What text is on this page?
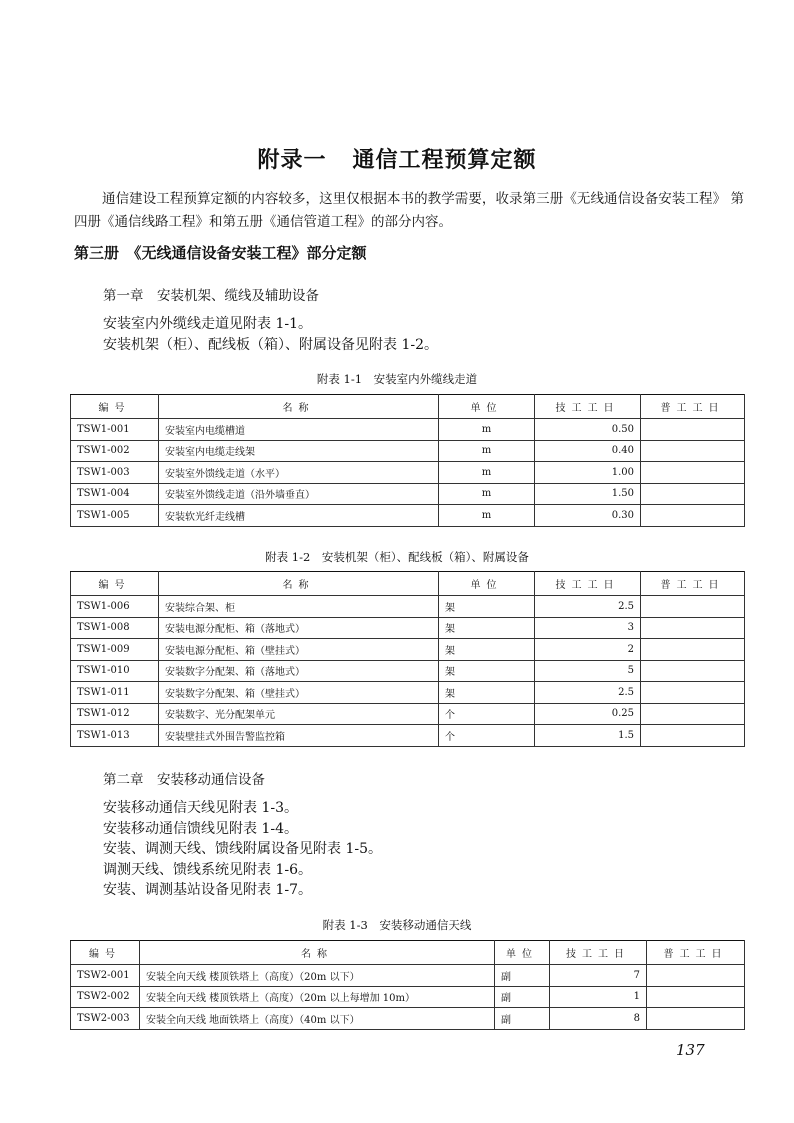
附录一 通信工程预算定额
通信建设工程预算定额的内容较多，这里仅根据本书的教学需要，收录第三册《无线通信设备安装工程》 第四册《通信线路工程》和第五册《通信管道工程》的部分内容。
第三册　《无线通信设备安装工程》部分定额
第一章　安装机架、缆线及辅助设备
安装室内外缆线走道见附表 1-1。
安装机架（柜）、配线板（箱）、附属设备见附表 1-2。
附表 1-1　安装室内外缆线走道
编号	名称	单位	技工工日	普工工日
TSW1-001	安装室内电缆槽道	m	0.50	
TSW1-002	安装室内电缆走线架	m	0.40	
TSW1-003	安装室外馈线走道（水平）	m	1.00	
TSW1-004	安装室外馈线走道（沿外墙垂直）	m	1.50	
TSW1-005	安装软光纤走线槽	m	0.30	
附表 1-2　安装机架（柜）、配线板（箱）、附属设备
编号	名称	单位	技工工日	普工工日
TSW1-006	安装综合架、柜	架	2.5	
TSW1-008	安装电源分配柜、箱（落地式）	架	3	
TSW1-009	安装电源分配柜、箱（壁挂式）	架	2	
TSW1-010	安装数字分配架、箱（落地式）	架	5	
TSW1-011	安装数字分配架、箱（壁挂式）	架	2.5	
TSW1-012	安装数字、光分配架单元	个	0.25	
TSW1-013	安装壁挂式外围告警监控箱	个	1.5	
第二章　安装移动通信设备
安装移动通信天线见附表 1-3。
安装移动通信馈线见附表 1-4。
安装、调测天线、馈线附属设备见附表 1-5。
调测天线、馈线系统见附表 1-6。
安装、调测基站设备见附表 1-7。
附表 1-3　安装移动通信天线
编号	名称	单位	技工工日	普工工日
TSW2-001	安装全向天线 楼顶铁塔上（高度）（20m 以下）	副	7	
TSW2-002	安装全向天线 楼顶铁塔上（高度）（20m 以上每增加 10m）	副	1	
TSW2-003	安装全向天线 地面铁塔上（高度）（40m 以下）	副	8	
137
